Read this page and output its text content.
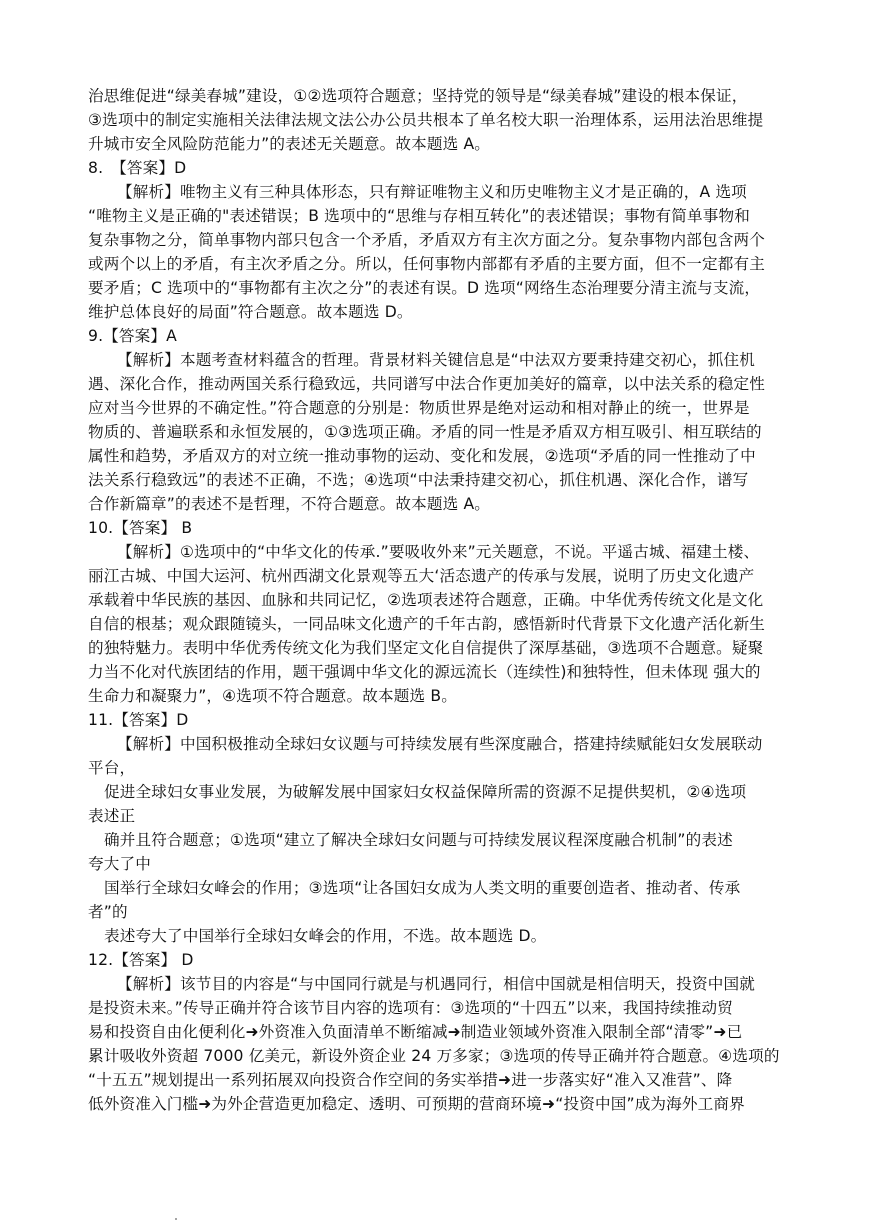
治思维促进“绿美春城”建设，①②选项符合题意；坚持党的领导是“绿美春城”建设的根本保证，
③选项中的制定实施相关法律法规文法公办公员共根本了单名校大职一治理体系，运用法治思维提
升城市安全风险防范能力”的表述无关题意。故本题选 A。
8.　【答案】D
【解析】唯物主义有三种具体形态，只有辩证唯物主义和历史唯物主义才是正确的，A 选项
“唯物主义是正确的"表述错误；B 选项中的“思维与存相互转化”的表述错误；事物有简单事物和
复杂事物之分，简单事物内部只包含一个矛盾，矛盾双方有主次方面之分。复杂事物内部包含两个
或两个以上的矛盾，有主次矛盾之分。所以，任何事物内部都有矛盾的主要方面，但不一定都有主
要矛盾；C 选项中的“事物都有主次之分”的表述有误。D 选项“网络生态治理要分清主流与支流，
维护总体良好的局面”符合题意。故本题选 D。
9.【答案】A
【解析】本题考查材料蕴含的哲理。背景材料关键信息是“中法双方要秉持建交初心，抓住机
遇、深化合作，推动两国关系行稳致远，共同谱写中法合作更加美好的篇章，以中法关系的稳定性
应对当今世界的不确定性。”符合题意的分别是：物质世界是绝对运动和相对静止的统一，世界是
物质的、普遍联系和永恒发展的，①③选项正确。矛盾的同一性是矛盾双方相互吸引、相互联结的
属性和趋势，矛盾双方的对立统一推动事物的运动、变化和发展，②选项“矛盾的同一性推动了中
法关系行稳致远”的表述不正确，不选；④选项“中法秉持建交初心，抓住机遇、深化合作，谱写
合作新篇章”的表述不是哲理，不符合题意。故本题选 A。
10.【答案】 B
【解析】①选项中的“中华文化的传承.”要吸收外来”元关题意，不说。平遥古城、福建土楼、
丽江古城、中国大运河、杭州西湖文化景观等五大‘活态遗产的传承与发展，说明了历史文化遗产
承载着中华民族的基因、血脉和共同记忆，②选项表述符合题意，正确。中华优秀传统文化是文化
自信的根基；观众跟随镜头，一同品味文化遗产的千年古韵，感悟新时代背景下文化遗产活化新生
的独特魅力。表明中华优秀传统文化为我们坚定文化自信提供了深厚基础，③选项不合题意。疑聚
力当不化对代族团结的作用，题干强调中华文化的源远流长（连续性)和独特性，但未体现 强大的
生命力和凝聚力”，④选项不符合题意。故本题选 B。
11.【答案】D
【解析】中国积极推动全球妇女议题与可持续发展有些深度融合，搭建持续赋能妇女发展联动
平台，
促进全球妇女事业发展，为破解发展中国家妇女权益保障所需的资源不足提供契机，②④选项
表述正
确并且符合题意；①选项“建立了解决全球妇女问题与可持续发展议程深度融合机制”的表述
夸大了中
国举行全球妇女峰会的作用；③选项“让各国妇女成为人类文明的重要创造者、推动者、传承
者”的
表述夸大了中国举行全球妇女峰会的作用，不选。故本题选 D。
12.【答案】 D
【解析】该节目的内容是“与中国同行就是与机遇同行，相信中国就是相信明天，投资中国就
是投资未来。”传导正确并符合该节目内容的选项有：③选项的“十四五”以来，我国持续推动贸
易和投资自由化便利化➜外资准入负面清单不断缩减➜制造业领域外资准入限制全部“清零”➜已
累计吸收外资超 7000 亿美元，新设外资企业 24 万多家；③选项的传导正确并符合题意。④选项的
“十五五”规划提出一系列拓展双向投资合作空间的务实举措➜进一步落实好“准入又准营”、降
低外资准入门槛➜为外企营造更加稳定、透明、可预期的营商环境➜“投资中国”成为海外工商界
